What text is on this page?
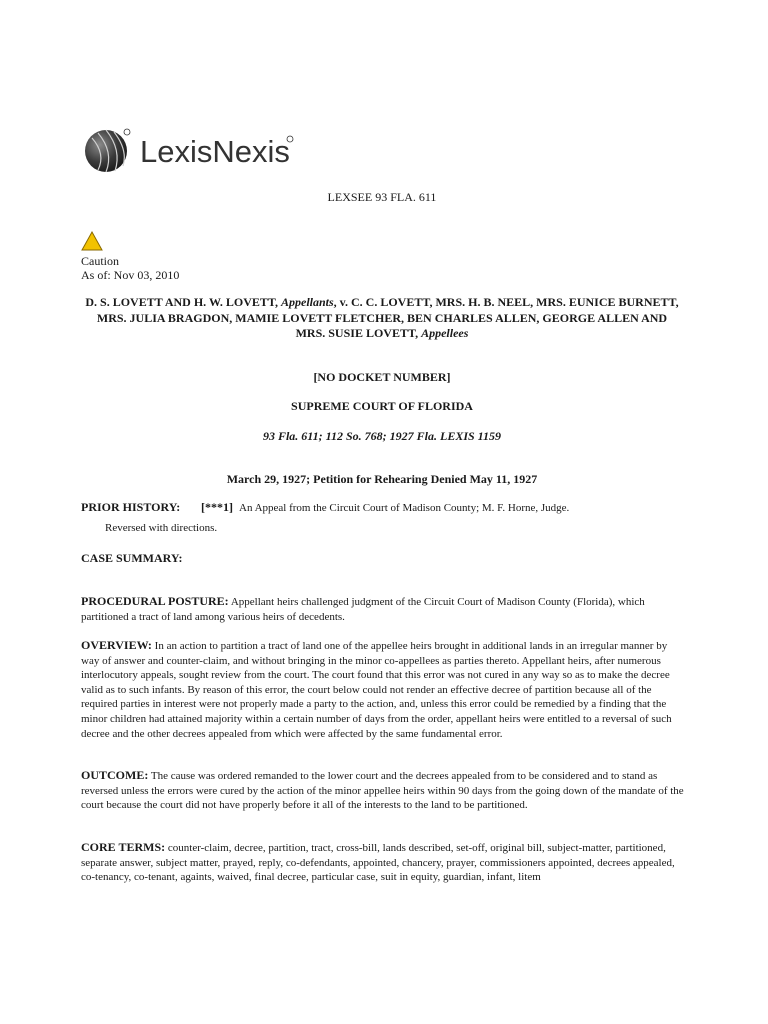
LexisNexis
LEXSEE 93 FLA. 611
Caution
As of: Nov 03, 2010
D. S. LOVETT AND H. W. LOVETT, Appellants, v. C. C. LOVETT, MRS. H. B. NEEL, MRS. EUNICE BURNETT, MRS. JULIA BRAGDON, MAMIE LOVETT FLETCHER, BEN CHARLES ALLEN, GEORGE ALLEN AND MRS. SUSIE LOVETT, Appellees
[NO DOCKET NUMBER]
SUPREME COURT OF FLORIDA
93 Fla. 611; 112 So. 768; 1927 Fla. LEXIS 1159
March 29, 1927; Petition for Rehearing Denied May 11, 1927
PRIOR HISTORY: [***1] An Appeal from the Circuit Court of Madison County; M. F. Horne, Judge.
Reversed with directions.
CASE SUMMARY:
PROCEDURAL POSTURE: Appellant heirs challenged judgment of the Circuit Court of Madison County (Florida), which partitioned a tract of land among various heirs of decedents.
OVERVIEW: In an action to partition a tract of land one of the appellee heirs brought in additional lands in an irregular manner by way of answer and counter-claim, and without bringing in the minor co-appellees as parties thereto. Appellant heirs, after numerous interlocutory appeals, sought review from the court. The court found that this error was not cured in any way so as to make the decree valid as to such infants. By reason of this error, the court below could not render an effective decree of partition because all of the required parties in interest were not properly made a party to the action, and, unless this error could be remedied by a finding that the minor children had attained majority within a certain number of days from the order, appellant heirs were entitled to a reversal of such decree and the other decrees appealed from which were affected by the same fundamental error.
OUTCOME: The cause was ordered remanded to the lower court and the decrees appealed from to be considered and to stand as reversed unless the errors were cured by the action of the minor appellee heirs within 90 days from the going down of the mandate of the court because the court did not have properly before it all of the interests to the land to be partitioned.
CORE TERMS: counter-claim, decree, partition, tract, cross-bill, lands described, set-off, original bill, subject-matter, partitioned, separate answer, subject matter, prayed, reply, co-defendants, appointed, chancery, prayer, commissioners appointed, decrees appealed, co-tenancy, co-tenant, againts, waived, final decree, particular case, suit in equity, guardian, infant, litem
